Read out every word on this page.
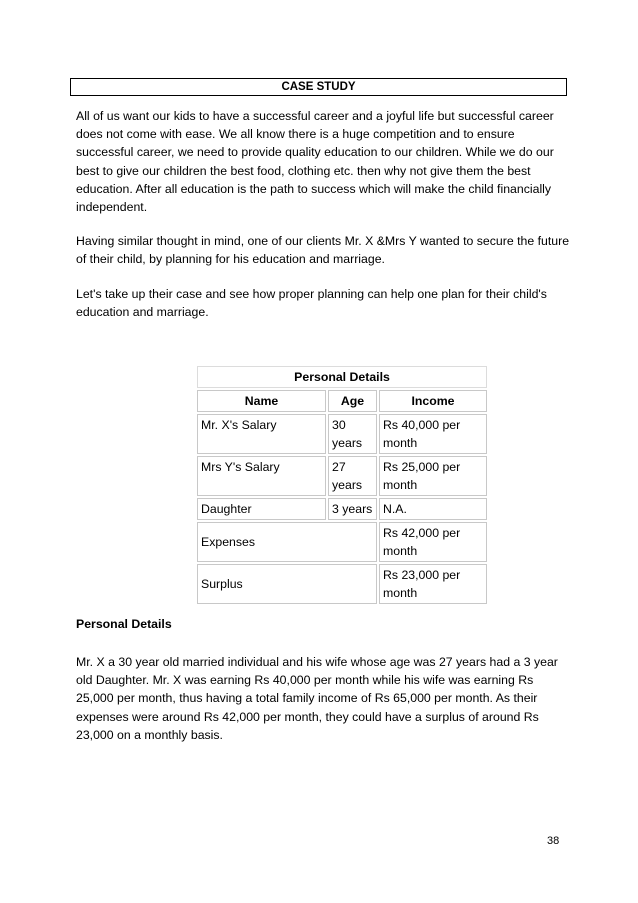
CASE STUDY

All of us want our kids to have a successful career and a joyful life but successful career does not come with ease. We all know there is a huge competition and to ensure successful career, we need to provide quality education to our children. While we do our best to give our children the best food, clothing etc. then why not give them the best education. After all education is the path to success which will make the child financially independent.

Having similar thought in mind, one of our clients Mr. X &Mrs Y wanted to secure the future of their child, by planning for his education and marriage.

Let's take up their case and see how proper planning can help one plan for their child's education and marriage.

Personal Details		
Name	Age	Income
Mr. X's Salary	30 years	Rs 40,000 per month
Mrs Y's Salary	27 years	Rs 25,000 per month
Daughter	3 years	N.A.
Expenses		Rs 42,000 per month
Surplus		Rs 23,000 per month

Personal Details

Mr. X a 30 year old married individual and his wife whose age was 27 years had a 3 year old Daughter. Mr. X was earning Rs 40,000 per month while his wife was earning Rs 25,000 per month, thus having a total family income of Rs 65,000 per month. As their expenses were around Rs 42,000 per month, they could have a surplus of around Rs 23,000 on a monthly basis.

38
